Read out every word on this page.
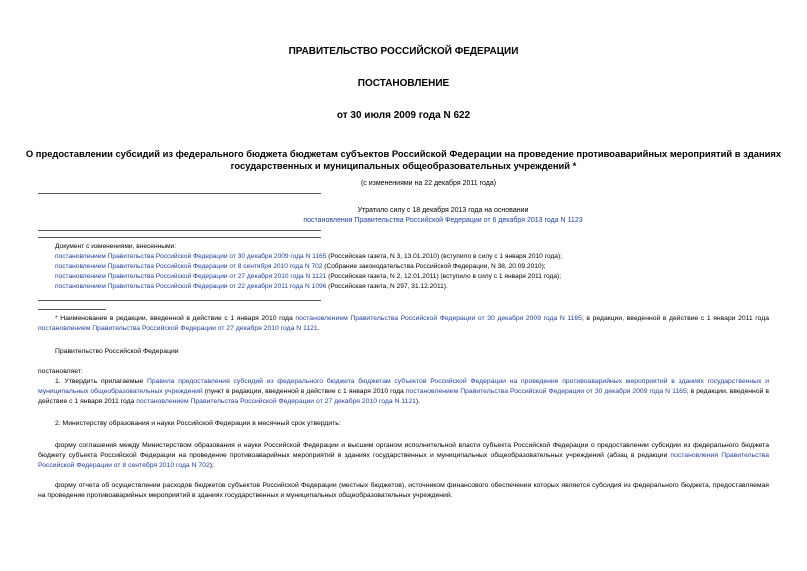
ПРАВИТЕЛЬСТВО РОССИЙСКОЙ ФЕДЕРАЦИИ
ПОСТАНОВЛЕНИЕ
от 30 июля 2009 года N 622
О предоставлении субсидий из федерального бюджета бюджетам субъектов Российской Федерации на проведение противоаварийных мероприятий в зданиях
государственных и муниципальных общеобразовательных учреждений *
(с изменениями на 22 декабря 2011 года)
Утратило силу с 18 декабря 2013 года на основании
постановления Правительства Российской Федерации от 6 декабря 2013 года N 1123
Документ с изменениями, внесенными:
постановлением Правительства Российской Федерации от 30 декабря 2009 года N 1165 (Российская газета, N 3, 13.01.2010) (вступило в силу с 1 января 2010 года);
постановлением Правительства Российской Федерации от 8 сентября 2010 года N 702 (Собрание законодательства Российской Федерации, N 38, 20.09.2010);
постановлением Правительства Российской Федерации от 27 декабря 2010 года N 1121 (Российская газета, N 2, 12.01.2011) (вступило в силу с 1 января 2011 года);
постановлением Правительства Российской Федерации от 22 декабря 2011 года N 1096 (Российская газета, N 297, 31.12.2011).
* Наименование в редакции, введенной в действие с 1 января 2010 года постановлением Правительства Российской Федерации от 30 декабря 2009 года N 1165; в редакции, введенной в действие с 1 январи 2011 года постановлением Правительства Российской Федерации от 27 декабря 2010 года N 1121.
Правительство Российской Федерации
постановляет:
1. Утвердить прилагаемые Правила предоставления субсидий из федерального бюджета бюджетам субъектов Российской Федерации на проведение противоаварийных мероприятий в зданиях государственных и муниципальных общеобразовательных учреждений (пункт в редакции, введенной в действие с 1 января 2010 года постановлением Правительства Российской Федерации от 30 декабря 2009 года N 1165; в редакции, введенной в действие с 1 января 2011 года постановлением Правительства Российской Федерации от 27 декабря 2010 года N 1121).
2. Министерству образования и науки Российской Федерации в месячный срок утвердить:
форму соглашения между Министерством образования и науки Российской Федерации и высшим органом исполнительной власти субъекта Российской Федерации о предоставлении субсидии из федерального бюджета бюджету субъекта Российской Федерации на проведение противоаварийных мероприятий в зданиях государственных и муниципальных общеобразовательных учреждений (абзац в редакции постановления Правительства Российской Федерации от 8 сентября 2010 года N 702);
форму отчета об осуществлении расходов бюджетов субъектов Российской Федерации (местных бюджетов), источником финансового обеспечения которых является субсидия из федерального бюджета, предоставляемая на проведение противоаварийных мероприятий в зданиях государственных и муниципальных общеобразовательных учреждений.
